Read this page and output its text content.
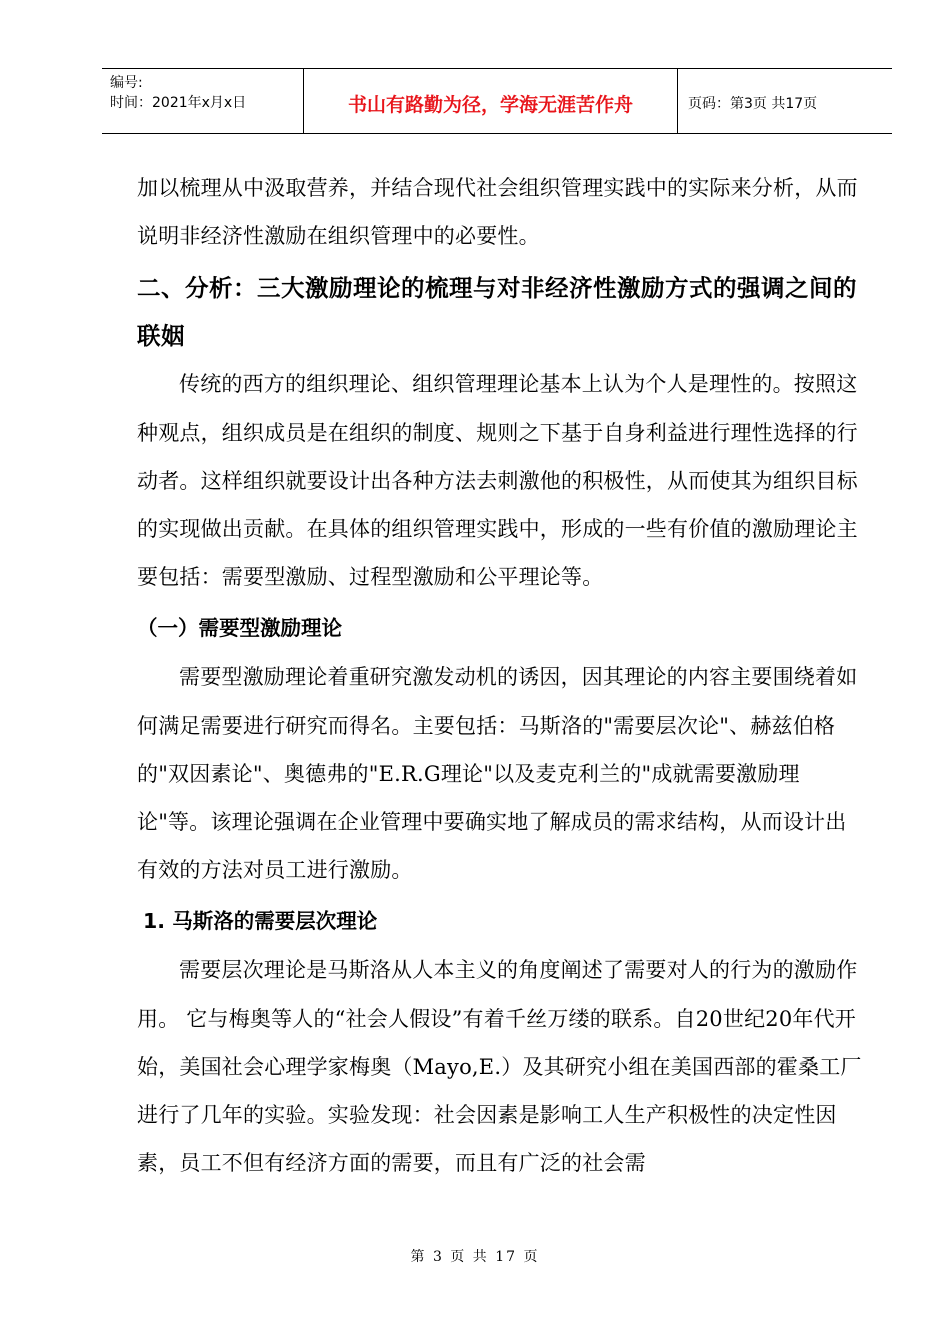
编号:
时间：2021年x月x日	书山有路勤为径，学海无涯苦作舟	页码：第3页 共17页

加以梳理从中汲取营养，并结合现代社会组织管理实践中的实际来分析，从而说明非经济性激励在组织管理中的必要性。

二、分析：三大激励理论的梳理与对非经济性激励方式的强调之间的联姻

传统的西方的组织理论、组织管理理论基本上认为个人是理性的。按照这种观点，组织成员是在组织的制度、规则之下基于自身利益进行理性选择的行动者。这样组织就要设计出各种方法去刺激他的积极性，从而使其为组织目标的实现做出贡献。在具体的组织管理实践中，形成的一些有价值的激励理论主要包括：需要型激励、过程型激励和公平理论等。

（一）需要型激励理论

需要型激励理论着重研究激发动机的诱因，因其理论的内容主要围绕着如何满足需要进行研究而得名。主要包括：马斯洛的"需要层次论"、赫兹伯格的"双因素论"、奥德弗的"E.R.G理论"以及麦克利兰的"成就需要激励理论"等。该理论强调在企业管理中要确实地了解成员的需求结构，从而设计出有效的方法对员工进行激励。

1. 马斯洛的需要层次理论

需要层次理论是马斯洛从人本主义的角度阐述了需要对人的行为的激励作用。 它与梅奥等人的“社会人假设”有着千丝万缕的联系。自20世纪20年代开始，美国社会心理学家梅奥（Mayo,E.）及其研究小组在美国西部的霍桑工厂进行了几年的实验。实验发现：社会因素是影响工人生产积极性的决定性因素，员工不但有经济方面的需要，而且有广泛的社会需

第 3 页 共 17 页
